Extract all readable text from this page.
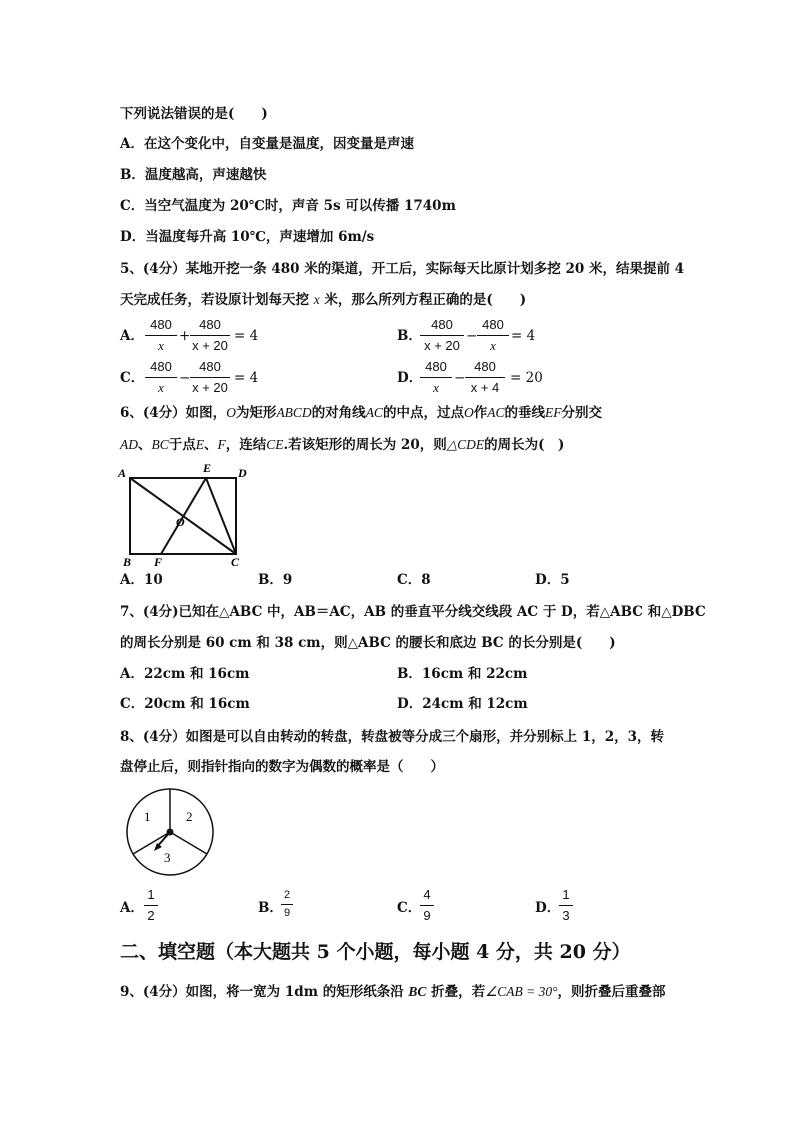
下列说法错误的是(　　)
A．在这个变化中，自变量是温度，因变量是声速
B．温度越高，声速越快
C．当空气温度为 20℃时，声音 5s 可以传播 1740m
D．当温度每升高 10℃，声速增加 6m/s
5、(4分）某地开挖一条 480 米的渠道，开工后，实际每天比原计划多挖 20 米，结果提前 4
天完成任务，若设原计划每天挖 x 米，那么所列方程正确的是(　　)
A．
480
x
+
480
x + 20
= 4	B．
480
x + 20
−
480
x
= 4
C．
480
x
−
480
x + 20
= 4	D．
480
x
−
480
x + 4
= 20
6、(4分）如图，O为矩形ABCD的对角线AC的中点，过点O作AC的垂线EF分别交
AD、BC于点E、F，连结CE.若该矩形的周长为 20，则△CDE的周长为(　)
A	E D
O
B F	C
A．10	B．9	C．8	D．5
7、(4分)已知在△ABC 中，AB＝AC，AB 的垂直平分线交线段 AC 于 D，若△ABC 和△DBC
的周长分别是 60 cm 和 38 cm，则△ABC 的腰长和底边 BC 的长分别是(　　)
A．22cm 和 16cm	B．16cm 和 22cm
C．20cm 和 16cm	D．24cm 和 12cm
8、(4分）如图是可以自由转动的转盘，转盘被等分成三个扇形，并分别标上 1，2，3，转
盘停止后，则指针指向的数字为偶数的概率是（　　）
1	2
3
A．
1
2	B．
2
9	C．
4
9	D．
1
3
二、填空题（本大题共 5 个小题，每小题 4 分，共 20 分）
9、(4分）如图，将一宽为 1dm 的矩形纸条沿 BC 折叠，若∠CAB = 30°，则折叠后重叠部
